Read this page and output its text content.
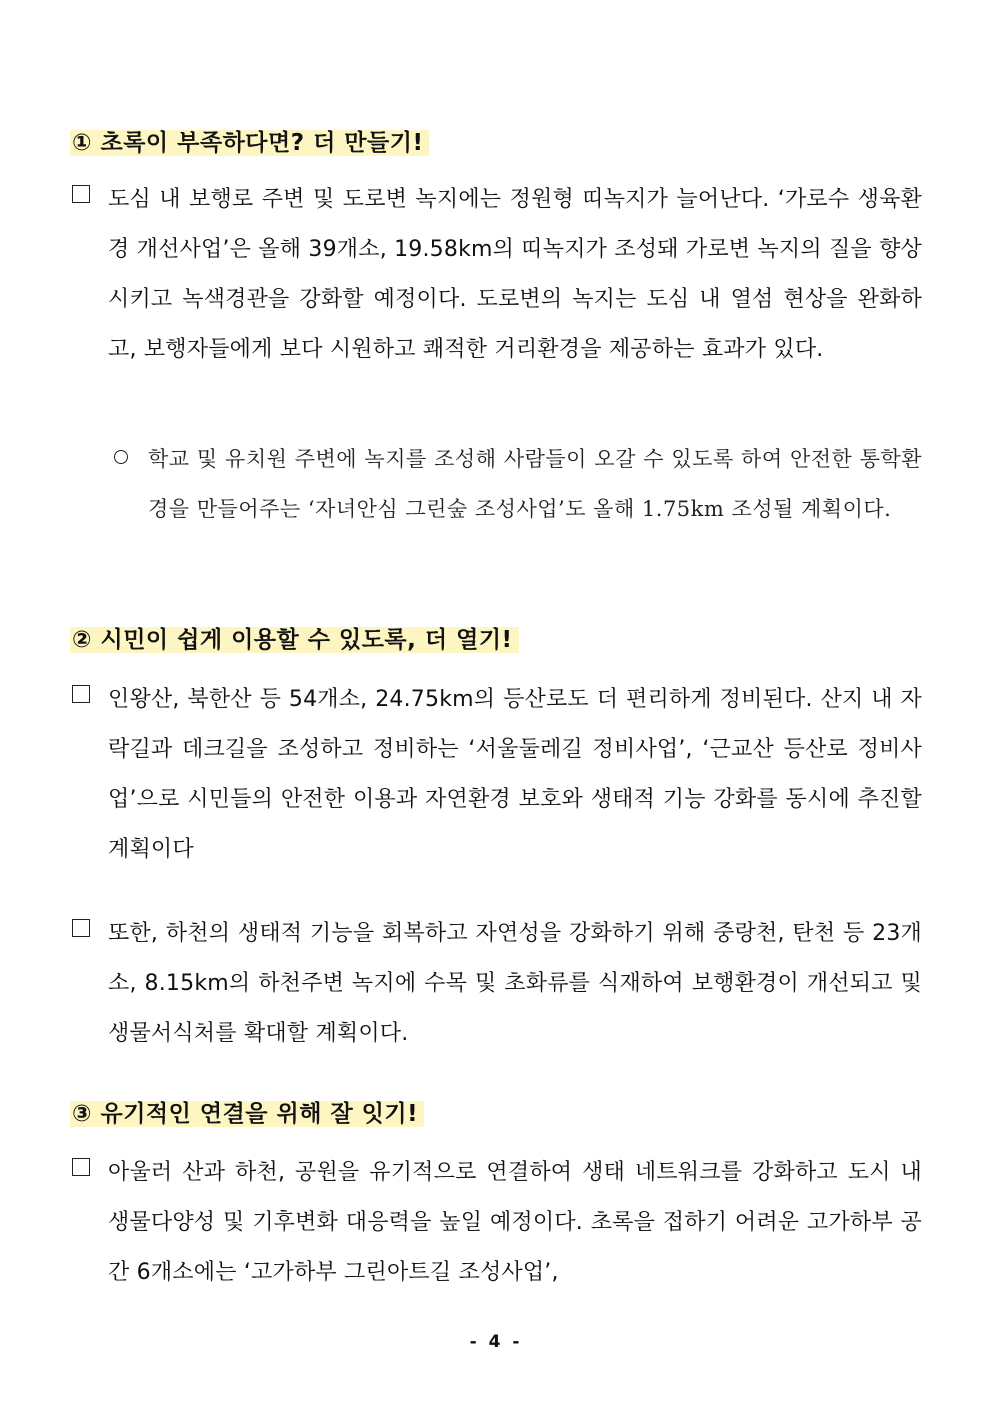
① 초록이 부족하다면? 더 만들기!
도심 내 보행로 주변 및 도로변 녹지에는 정원형 띠녹지가 늘어난다. ‘가로수 생육환경 개선사업’은 올해 39개소, 19.58km의 띠녹지가 조성돼 가로변 녹지의 질을 향상시키고 녹색경관을 강화할 예정이다. 도로변의 녹지는 도심 내 열섬 현상을 완화하고, 보행자들에게 보다 시원하고 쾌적한 거리환경을 제공하는 효과가 있다.
학교 및 유치원 주변에 녹지를 조성해 사람들이 오갈 수 있도록 하여 안전한 통학환경을 만들어주는 ‘자녀안심 그린숲 조성사업’도 올해 1.75km 조성될 계획이다.
② 시민이 쉽게 이용할 수 있도록, 더 열기!
인왕산, 북한산 등 54개소, 24.75km의 등산로도 더 편리하게 정비된다. 산지 내 자락길과 데크길을 조성하고 정비하는 ‘서울둘레길 정비사업’, ‘근교산 등산로 정비사업’으로 시민들의 안전한 이용과 자연환경 보호와 생태적 기능 강화를 동시에 추진할 계획이다
또한, 하천의 생태적 기능을 회복하고 자연성을 강화하기 위해 중랑천, 탄천 등 23개소, 8.15km의 하천주변 녹지에 수목 및 초화류를 식재하여 보행환경이 개선되고 및 생물서식처를 확대할 계획이다.
③ 유기적인 연결을 위해 잘 잇기!
아울러 산과 하천, 공원을 유기적으로 연결하여 생태 네트워크를 강화하고 도시 내 생물다양성 및 기후변화 대응력을 높일 예정이다. 초록을 접하기 어려운 고가하부 공간 6개소에는 ‘고가하부 그린아트길 조성사업’,
- 4 -
